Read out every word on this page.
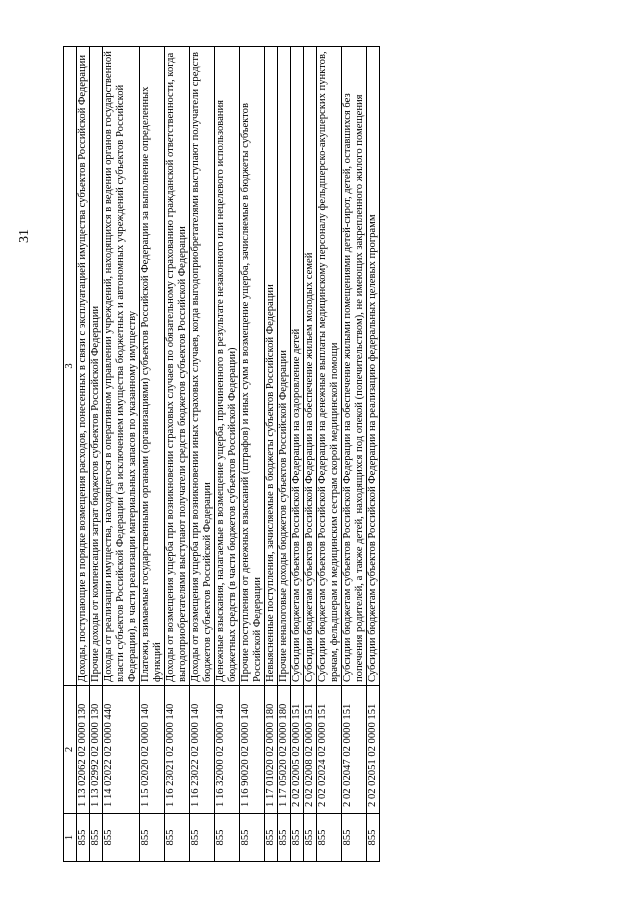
31
1	2	3
855	1 13 02062 02 0000 130	Доходы, поступающие в порядке возмещения расходов, понесенных в связи с эксплуатацией имущества субъектов Российской Федерации
855	1 13 02992 02 0000 130	Прочие доходы от компенсации затрат бюджетов субъектов Российской Федерации
855	1 14 02022 02 0000 440	Доходы от реализации имущества, находящегося в оперативном управлении учреждений, находящихся в ведении органов государственной власти субъектов Российской Федерации (за исключением имущества бюджетных и автономных учреждений субъектов Российской Федерации), в части реализации материальных запасов по указанному имуществу
855	1 15 02020 02 0000 140	Платежи, взимаемые государственными органами (организациями) субъектов Российской Федерации за выполнение определенных функций
855	1 16 23021 02 0000 140	Доходы от возмещения ущерба при возникновении страховых случаев по обязательному страхованию гражданской ответственности, когда выгодоприобретателями выступают получатели средств бюджетов субъектов Российской Федерации
855	1 16 23022 02 0000 140	Доходы от возмещения ущерба при возникновении иных страховых случаев, когда выгодоприобретателями выступают получатели средств бюджетов субъектов Российской Федерации
855	1 16 32000 02 0000 140	Денежные взыскания, налагаемые в возмещение ущерба, причиненного в результате незаконного или нецелевого использования бюджетных средств (в части бюджетов субъектов Российской Федерации)
855	1 16 90020 02 0000 140	Прочие поступления от денежных взысканий (штрафов) и иных сумм в возмещение ущерба, зачисляемые в бюджеты субъектов Российской Федерации
855	1 17 01020 02 0000 180	Невыясненные поступления, зачисляемые в бюджеты субъектов Российской Федерации
855	1 17 05020 02 0000 180	Прочие неналоговые доходы бюджетов субъектов Российской Федерации
855	2 02 02005 02 0000 151	Субсидии бюджетам субъектов Российской Федерации на оздоровление детей
855	2 02 02008 02 0000 151	Субсидии бюджетам субъектов Российской Федерации на обеспечение жильем молодых семей
855	2 02 02024 02 0000 151	Субсидии бюджетам субъектов Российской Федерации на денежные выплаты медицинскому персоналу фельдшерско-акушерских пунктов, врачам, фельдшерам и медицинским сестрам скорой медицинской помощи
855	2 02 02047 02 0000 151	Субсидии бюджетам субъектов Российской Федерации на обеспечение жилыми помещениями детей-сирот, детей, оставшихся без попечения родителей, а также детей, находящихся под опекой (попечительством), не имеющих закрепленного жилого помещения
855	2 02 02051 02 0000 151	Субсидии бюджетам субъектов Российской Федерации на реализацию федеральных целевых программ
